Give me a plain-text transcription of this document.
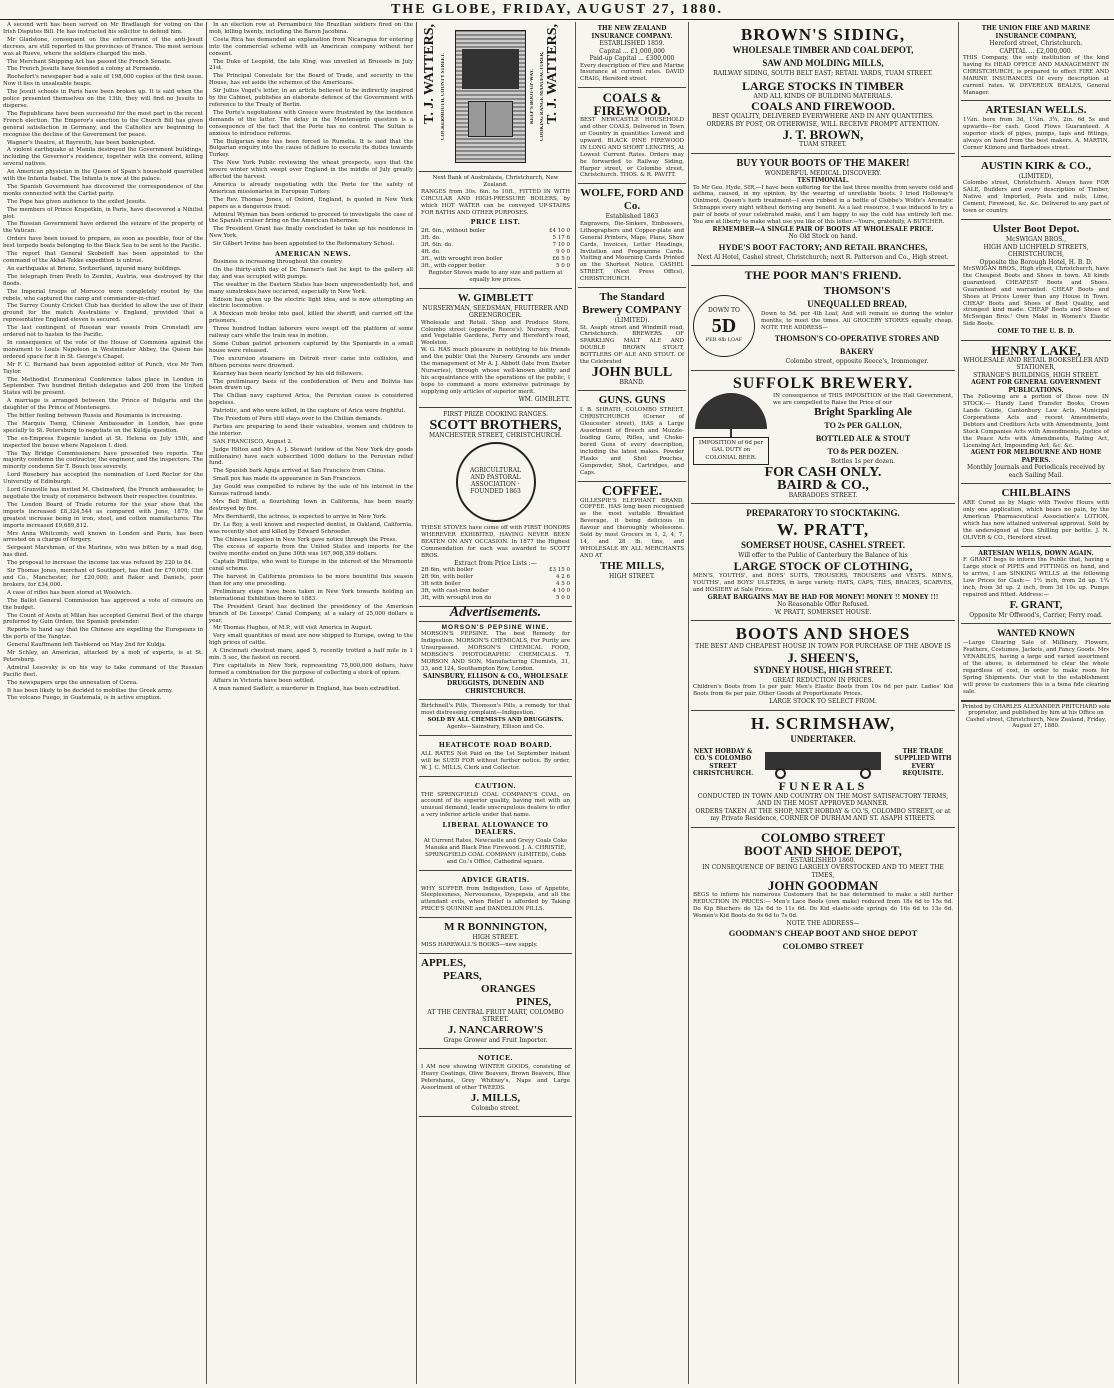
THE GLOBE, FRIDAY, AUGUST 27, 1880.

A second writ has been served on Mr Bradlaugh for voting on the Irish Disputes Bill. He has instructed his solicitor to defend him.

Mr Gladstone, consequent on the enforcement of the anti-Jesuit decrees, are still reported in the provinces of France. The most serious was at Rueve, where the soldiers charged the mob.

The Merchant Shipping Act has passed the French Senate.

The French Jesuits have founded a colony at Fernando.

Rochefort's newspaper had a sale of 198,000 copies of the first issue. Now it lies in unsaleable heaps.

The Jesuit schools in Paris have been broken up. It is said when the police presented themselves on the 13th, they will find no Jesuits to disperse.

The Republicans have been successful for the most part in the recent French election. The Emperor's sanction to the Church Bill has given general satisfaction in Germany, and the Catholics are beginning to recognise the decline of the Government for peace.

Wagner's theatre, at Bayreuth, has been bankrupted.

A violent earthquake at Manila destroyed the Government buildings, including the Governor's residence, together with the convent, killing several natives.

An American physician in the Queen of Spain's household quarrelled with the Infanta Isabel. The Infanta is now at the palace.

The Spanish Government has discovered the correspondence of the monks connected with the Carlist party.

The Pope has given audience to the exiled Jesuits.

The members of Prince Krapotkin, in Paris, have discovered a Nihilist plot.

The Russian Government have ordered the seizure of the property of the Vatican.

Orders have been issued to prepare, as soon as possible, four of the best torpedo boats belonging to the Black Sea to be sent to the Pacific.

The report that General Skobeleff has been appointed to the command of the Akhal-Tekke expedition is untrue.

An earthquake at Brienz, Switzerland, injured many buildings.

The telegraph from Pesth to Zemlin, Austria, was destroyed by the floods.

The Imperial troops of Morocco were completely routed by the rebels, who captured the camp and commander-in-chief.

The Surrey County Cricket Club has decided to allow the use of their ground for the match Australians v England, provided that a representative England eleven is secured.

The last contingent of Russian war vessels from Cronstadt are ordered not to hasten to the Pacific.

In consequence of the vote of the House of Commons against the monument to Louis Napoleon in Westminster Abbey, the Queen has ordered space for it in St. George's Chapel.

Mr F. C. Burnand has been appointed editor of Punch, vice Mr Tom Taylor.

The Methodist Ecumenical Conference takes place in London in September. Two hundred British delegates and 200 from the United States will be present.

A marriage is arranged between the Prince of Bulgaria and the daughter of the Prince of Montenegro.

The bitter feeling between Russia and Roumania is increasing.

The Marquis Tseng, Chinese Ambassador in London, has gone specially to St. Petersburg to negotiate on the Kuldja question.

The ex-Empress Eugenie landed at St. Helena on July 15th, and inspected the house where Napoleon I. died.

The Tay Bridge Commissioners have presented two reports. The majority condemn the contractor, the engineer, and the inspectors. The minority condemn Sir T. Bouch less severely.

Lord Rosebery has accepted the nomination of Lord Rector for the University of Edinburgh.

Lord Granville has invited M. Chelmsford, the French ambassador, to negotiate the treaty of commerce between their respective countries.

The London Board of Trade returns for the year show that the imports increased £8,324,544 as compared with June, 1879, the greatest increase being in iron, steel, and cotton manufactures. The imports increased £9,689,812.

Mrs Anna Whitcomb, well known in London and Paris, has been arrested on a charge of forgery.

Sergeant Marshman, of the Marines, who was bitten by a mad dog, has died.

The proposal to increase the income tax was refused by 220 to 84.

Sir Thomas Jones, merchant of Southport, has filed for £70,000; Cliff and Co., Manchester, for £20,000; and Baker and Daniels, poor brokers, for £34,000.

A case of rifles has been stored at Woolwich.

The Ballot General Commission has approved a vote of censure on the budget.

The Count of Aosta at Milan has accepted General Best of the charge preferred by Guin Orden, the Spanish pretender.

Reports to hand say that the Chinese are expelling the Europeans in the ports of the Yangtze.

General Kauffmann left Tashkend on May 2nd for Kuldja.

Mr Schley, an American, attacked by a mob of experts, is at St. Petersburg.

Admiral Lesovsky is on his way to take command of the Russian Pacific fleet.

The newspapers urge the annexation of Corea.

It has been likely to be decided to mobilise the Greek army.

The volcano Fuego, in Guatemala, is in active eruption.

In an election row at Pernambuco the Brazilian soldiers fired on the mob, killing twenty, including the Baron Jacobina.

Costa Rica has demanded an explanation from Nicaragua for entering into the commercial scheme with an American company without her consent.

The Duke of Leopold, the late King, was unveiled at Brussels in July 21st.

The Principal Consulate for the Board of Trade, and security in the House, has set aside the schemes of the Americans.

Sir Julius Vogel's letter, in an article believed to be indirectly inspired by the Cabinet, publishes an elaborate defence of the Government with reference to the Treaty of Berlin.

The Porte's negotiations with Greece were frustrated by the incidence demands of the latter. The delay in the Montenegrin question is a consequence of the fact that the Porte has no control. The Sultan is anxious to introduce reforms.

The Bulgarian note has been forced to Rumelia. It is said that the Bulgarian enquiry into the cause of failure to execute its duties towards Turkey.

The New York Public reviewing the wheat prospects, says that the severe winter which swept over England in the middle of July greatly affected the harvest.

America is already negotiating with the Porte for the safety of American missionaries in European Turkey.

The Rev. Thomas Jones, of Oxford, England, is quoted in New York papers as a dangerous fraud.

Admiral Wyman has been ordered to proceed to investigate the case of the Spanish cruiser firing on the American fishermen.

The President Grant has finally concluded to take up his residence in New York.

Sir Gilbert Irvine has been appointed to the Reformatory School.

AMERICAN NEWS.

Business is increasing throughout the country.

On the thirty-sixth day of Dr. Tanner's fast he kept to the gallery all day, and was occupied with pumps.

The weather in the Eastern States has been unprecedentedly hot, and many sunstrokes have occurred, especially in New York.

Edison has given up the electric light idea, and is now attempting an electric locomotive.

A Mexican mob broke into gaol, killed the sheriff, and carried off the prisoners.

Three hundred Indian laborers were swept off the platform of some railway cars while the train was in motion.

Some Cuban patriot prisoners captured by the Spaniards in a small house were released.

Two excursion steamers on Detroit river came into collision, and fifteen persons were drowned.

Kearney has been nearly lynched by his old followers.

The preliminary basis of the confederation of Peru and Bolivia has been drawn up.

The Chilian navy captured Arica, the Peruvian cause is considered hopeless.

Patriotic, and who were killed, in the capture of Arica were frightful.

The Freedom of Peru still stays over to the Chilian demands.

Parties are preparing to send their valuables, women and children to the interior.

SAN FRANCISCO, August 2.

Judge Hilton and Mrs A. J. Stewart (widow of the New York dry goods millionaire) have each subscribed 1000 dollars to the Peruvian relief fund.

The Spanish bark Aguja arrived at San Francisco from China.

Small pox has made its appearance in San Francisco.

Jay Gould was compelled to relieve by the sale of his interest in the Kansas railroad lands.

Mrs Bell Bluff, a flourishing town in California, has been nearly destroyed by fire.

Mrs Bernhardt, the actress, is expected to arrive in New York.

Dr. Le Roy, a well known and respected dentist, in Oakland, California, was recently shot and killed by Edward Schroeder.

The Chinese Legation in New York gave notice through the Press.

The excess of exports from the United States and imports for the twelve months ended on June 30th was 167,908,359 dollars.

Captain Phillips, who went to Europe in the interest of the Miramonte canal scheme.

The harvest in California promises to be more bountiful this season than for any one preceding.

Preliminary steps have been taken in New York towards holding an International Exhibition there in 1883.

The President Grant has declined the presidency of the American branch of De Lesseps' Canal Company, at a salary of 25,000 dollars a year.

Mr Thomas Hughes, of M.P., will visit America in August.

Very small quantities of meat are now shipped to Europe, owing to the high prices of cattle.

A Cincinnati chestnut mare, aged 5, recently trotted a half mile in 1 min. 5 sec, the fastest on record.

Fire capitalists in New York, representing 75,000,000 dollars, have formed a combination for the purpose of collecting a stock of opium.

Affairs in Victoria have been settled.

A man named Sadleir, a murderer in England, has been extradited.

T. J. WATTERS, COCKERMOUTH, COUNTY STREET.	KEEP'S BOOT-UP-WAY.	COOKING RANGE MANUFACTURER, T. J. WATTERS,
Next Bank of Australasia, Christchurch, New Zealand.
RANGES from 30s. 6in. to 10ft., FITTED IN WITH CIRCULAR AND HIGH-PRESSURE BOILERS, by which HOT WATER can be conveyed UP-STAIRS FOR BATHS AND OTHER PURPOSES.
PRICE LIST.
2ft. 6in., without boiler	£4 10 0
3ft. do.	5 17 6
3ft. 6in. do.	7 10 0
4ft. do.	9 0 0
3ft., with wrought iron boiler	£6 5 0
3ft., with copper boiler	5 0 0
Register Stoves made to any size and pattern at equally low prices.
W. GIMBLETT
NURSERYMAN, SEEDSMAN, FRUITERER AND GREENGROCER.
Wholesale and Retail. Shop and Produce Store, Colombo street (opposite Reece's). Nursery, Fruit, and Vegetable Gardens, Ferry and Hereford's road, Woolston.
W. G. HAS much pleasure in notifying to his friends and the public that the Nursery Grounds are under the management of Mr A. J. Abbott (late from Exeter Nurseries), through whose well-known ability and his acquaintance with the operations of the public, I hope to command a more extensive patronage by supplying only articles of superior merit.
WM. GIMBLETT.
FIRST PRIZE COOKING RANGES.
SCOTT BROTHERS,
MANCHESTER STREET, CHRISTCHURCH.
AGRICULTURAL AND PASTORAL ASSOCIATION · FOUNDED 1863
THESE STOVES have come off with FIRST HONORS WHEREVER EXHIBITED, HAVING NEVER BEEN BEATEN ON ANY OCCASION. In 1877 the Highest Commendation for each was awarded to SCOTT BROS.
Extract from Price Lists :—
2ft 6in, with boiler	£3 15 0
2ft 9in, with boiler	4 2 6
3ft with boiler	4 5 0
3ft, with cast-iron boiler	4 10 0
3ft, with wrought iron do	5 0 0
Advertisements.
MORSON'S PEPSINE WINE.
MORSON'S PEPSINE. The best Remedy for Indigestion. MORSON'S CHEMICALS, For Purity are Unsurpassed. MORSON'S CHEMICAL FOOD, MORSON'S PHOTOGRAPHIC CHEMICALS. T. MORSON AND SON, Manufacturing Chemists, 31, 33, and 124, Southampton Row, London.
SAINSBURY, ELLISON & CO., WHOLESALE DRUGGISTS, DUNEDIN AND CHRISTCHURCH.
Birtchnell's Pills, Thomson's Pills, a remedy for that most distressing complaint—Indigestion.
SOLD BY ALL CHEMISTS AND DRUGGISTS.
Agents—Sainsbury, Ellison and Co.
HEATHCOTE ROAD BOARD.
ALL RATES Not Paid on the 1st September instant will be SUED FOR without further notice. By order, W. J. C. MILLS, Clerk and Collector.
CAUTION.
THE SPRINGFIELD COAL COMPANY'S COAL, on account of its superior quality, having met with an unusual demand, leads unscrupulous dealers to offer a very inferior article under that name.
LIBERAL ALLOWANCE TO DEALERS.
At Current Rates, Newcastle and Greyy Coals Coke Manuka and Black Pine Firewood. J. A. CHRISTIE, SPRINGFIELD COAL COMPANY (LIMITED), Cobb and Co.'s Office, Cathedral square.
ADVICE GRATIS.
WHY SUFFER from Indigestion, Loss of Appetite, Sleeplessness, Nervousness, Dyspepsia, and all the attendant evils, when Relief is afforded by Taking PRICE'S QUININE and DANDELION PILLS.
M R BONNINGTON,
HIGH STREET.
MISS HAREWALL'S BOOKS—new supply.
APPLES,
PEARS,
ORANGES
PINES,
AT THE CENTRAL FRUIT MART, COLOMBO STREET.
J. NANCARROW'S
Grape Grower and Fruit Importer.
NOTICE.
I AM now showing WINTER GOODS, consisting of Heavy Coatings, Olive Beavers, Brown Beavers, Blue Petershams, Grey Whitney's, Naps and Large Assortment of other TWEEDS.
J. MILLS,
Colombo street.
THE NEW ZEALAND INSURANCE COMPANY.
ESTABLISHED 1859.
Capital ... £1,000,000
Paid-up Capital ... £300,000
Every description of Fire and Marine Insurance at current rates. DAVID CRAIG, Hereford street.
COALS & FIREWOOD.
BEST NEWCASTLE HOUSEHOLD and other COALS, Delivered in Town or Country in quantities Lowest and upward. BLACK PINE FIREWOOD IN LONG AND SHORT LENGTHS, At Lowest Current Rates. Orders may be forwarded to Railway Siding, Harper street, or Colombo street, Christchurch. THOS. & R. PAVITT.
WOLFE, FORD AND Co.
Established 1863
Engravers, Die-Sinkers, Embossers, Lithographers and Copper-plate and General Printers, Maps, Plans, Show Cards, Invoices, Letter Headings, Invitation and Programme Cards. Visiting and Mourning Cards Printed on the Shortest Notice. CASHEL STREET, (Next Press Office), CHRISTCHURCH.
The Standard Brewery COMPANY
(LIMITED).
St. Asaph street and Windmill road, Christchurch. BREWERS OF SPARKLING MALT ALE AND DOUBLE BROWN STOUT, BOTTLERS OF ALE AND STOUT. Of the Celebrated
JOHN BULL
BRAND.
GUNS. GUNS
I. B. SHRATH, COLOMBO STREET, CHRISTCHURCH (Corner of Gloucester street), HAS a Large Assortment of Breech and Muzzle-loading Guns, Rifles, and Choke-bored Guns of every description, including the latest makes. Powder Flasks and Shot Pouches, Gunpowder, Shot, Cartridges, and Caps.
COFFEE.
GILLESPIE'S ELEPHANT BRAND. COFFEE. HAS long been recognised as the most suitable Breakfast Beverage, it being delicious in flavour and thoroughly wholesome. Sold by most Grocers in 1, 2, 4, 7, 14, and 28 lb. tins, and WHOLESALE BY ALL MERCHANTS AND AT
THE MILLS,
HIGH STREET.
BROWN'S SIDING,
WHOLESALE TIMBER AND COAL DEPOT,
SAW AND MOLDING MILLS,
RAILWAY SIDING, SOUTH BELT EAST; RETAIL YARDS, TUAM STREET.
LARGE STOCKS IN TIMBER
AND ALL KINDS OF BUILDING MATERIALS.
COALS AND FIREWOOD.
BEST QUALITY, DELIVERED EVERYWHERE AND IN ANY QUANTITIES.
ORDERS BY POST, OR OTHERWISE, WILL RECEIVE PROMPT ATTENTION.
J. T. BROWN,
TUAM STREET.
BUY YOUR BOOTS OF THE MAKER!
WONDERFUL MEDICAL DISCOVERY.
TESTIMONIAL.
To Mr Geo. Hyde, SIR,—I have been suffering for the last three months from severe cold and asthma, caused, in my opinion, by the wearing of unreliable boots. I tried Holloway's Ointment, Queen's herb treatment—I even rubbed in a bottle of Clobbe's Wolfe's Aromatic Schnapps every night without deriving any benefit. As a last resource, I was induced to try a pair of boots of your celebrated make, and I am happy to say the cold has entirely left me. You are at liberty to make what use you like of this letter.—Yours, gratefully, A BUTCHER.
REMEMBER—A SINGLE PAIR OF BOOTS AT WHOLESALE PRICE.
No Old Stock on hand.
HYDE'S BOOT FACTORY; AND RETAIL BRANCHES,
Next Al Hotel, Cashel street, Christchurch; next R. Patterson and Co., High street.
THE POOR MAN'S FRIEND.
DOWN TO
5D
PER 4lb LOAF
THOMSON'S
UNEQUALLED BREAD,
Down to 5d. per 4lb Loaf, And will remain so during the winter months, to meet the times. All GROCERY STORES equally cheap. NOTE THE ADDRESS—
THOMSON'S CO-OPERATIVE STORES AND BAKERY
Colombo street, opposite Reece's, Ironmonger.
SUFFOLK BREWERY.
IMPOSITION of 6d per GAL DUTY on COLONIAL BEER.
IN consequence of THIS IMPOSITION of the Hall Government, we are compelled to Raise the Price of our
Bright Sparkling Ale
TO 2s PER GALLON,
BOTTLED ALE & STOUT
TO 8s PER DOZEN.
Bottles 1s per dozen.
FOR CASH ONLY.
BAIRD & CO.,
BARBADOES STREET.
PREPARATORY TO STOCKTAKING.
W. PRATT,
SOMERSET HOUSE, CASHEL STREET.
Will offer to the Public of Canterbury the Balance of his
LARGE STOCK OF CLOTHING,
MEN'S, YOUTHS', and BOYS' SUITS, TROUSERS, TROUSERS and VESTS. MEN'S, YOUTHS', and BOYS' ULSTERS, in large variety. HATS, CAPS, TIES, BRACES, SCARVES, and HOSIERY at Sale Prices.
GREAT BARGAINS MAY BE HAD FOR MONEY! MONEY !! MONEY !!!
No Reasonable Offer Refused.
W. PRATT, SOMERSET HOUSE.
BOOTS AND SHOES
THE BEST AND CHEAPEST HOUSE IN TOWN FOR PURCHASE OF THE ABOVE IS
J. SHEEN'S,
SYDNEY HOUSE, HIGH STREET.
GREAT REDUCTION IN PRICES.
Children's Boots from 1s per pair. Men's Elastic Boots from 10s 6d per pair. Ladies' Kid Boots from 6s per pair. Other Goods at Proportionate Prices.
LARGE STOCK TO SELECT FROM.
H. SCRIMSHAW,
UNDERTAKER.
NEXT HOBDAY & CO.'S COLOMBO STREET CHRISTCHURCH.
THE TRADE SUPPLIED WITH EVERY REQUISITE.
FUNERALS
CONDUCTED IN TOWN AND COUNTRY ON THE MOST SATISFACTORY TERMS, AND IN THE MOST APPROVED MANNER.
ORDERS TAKEN AT THE SHOP, NEXT HOBDAY & CO.'S, COLOMBO STREET, or at my Private Residence, CORNER OF DURHAM AND ST. ASAPH STREETS.
COLOMBO STREET
BOOT AND SHOE DEPOT,
ESTABLISHED 1860.
IN CONSEQUENCE OF BEING LARGELY OVERSTOCKED AND TO MEET THE TIMES,
JOHN GOODMAN
BEGS to inform his numerous Customers that he has determined to make a still further REDUCTION IN PRICES:— Men's Lace Boots (own make) reduced from 18s 6d to 15s 6d. Do Kip Bluchers do 12s 6d to 11s 6d. Do Kid elastic-side springs do 16s 6d to 13s 6d. Women's Kid Boots do 9s 6d to 7s 6d.
NOTE THE ADDRESS—
GOODMAN'S CHEAP BOOT AND SHOE DEPOT
COLOMBO STREET
THE UNION FIRE AND MARINE INSURANCE COMPANY,
Hereford street, Christchurch.
CAPITAL ... £2,000,000.
THIS Company, the only institution of the kind having its HEAD OFFICE AND MANAGEMENT IN CHRISTCHURCH, is prepared to effect FIRE AND MARINE INSURANCES Of every description at current rates. W. DEVEREUX BEALES, General Manager.
ARTESIAN WELLS.
1¼in. bore from 3d, 1¼in. 3¾, 2in. 6d 5s and upwards—for cash. Good Flows Guaranteed. A superior stock of pipes, pumps, taps and fittings, always on hand from the best makers. A. MARTIN, Corner Kilmore and Barbadoes street.
AUSTIN KIRK & CO.,
(LIMITED),
Colombo street, Christchurch. Always have FOR SALE, Builders and every description of Timber, Native and Imported, Posts and rails, Lime, Cement, Firewood, &c. &c. Delivered to any part of town or country.
Ulster Boot Depot.
McSWIGAN BROS.,
HIGH AND LICHFIELD STREETS, CHRISTCHURCH,
Opposite the Borough Hotel, H. B. D.
McSWIGAN BROS., High street, Christchurch, have the Cheapest Boots and Shoes in town. All kinds guaranteed. CHEAPEST Boots and Shoes. Guaranteed and warranted. CHEAP Boots and Shoes at Prices Lower than any House in Town. CHEAP Boots and Shoes of Best Quality, and strongest kind made. CHEAP Boots and Shoes of McSwigan Bros.' Own Make in Women's Elastic Side Boots.
COME TO THE U. B. D.
HENRY LAKE,
WHOLESALE AND RETAIL BOOKSELLER AND STATIONER,
STRANGE'S BUILDINGS, HIGH STREET.
AGENT FOR GENERAL GOVERNMENT PUBLICATIONS.
The Following are a portion of those now IN STOCK:— Handy Land Transfer Books, Crown Lands Guide, Cantonbury Law Acts, Municipal Corporations Acts and recent Amendments, Debtors and Creditors Acts with Amendments, Joint Stock Companies Acts with Amendments, Justice of the Peace Acts with Amendments, Rating Act, Licensing Act, Impounding Act, &c. &c.
AGENT FOR MELBOURNE AND HOME PAPERS.
Monthly Journals and Periodicals received by each Sailing Mail.
CHILBLAINS
ARE Cured as by Magic with Twelve Hours with only one application, which bears no pain, by the American Pharmaceutical Association's LOTION, which has now attained universal approval. Sold by the undersigned at One Shilling per bottle. J. N. OLIVER & CO., Hereford street.
ARTESIAN WELLS, DOWN AGAIN.
F. GRANT begs to inform the Public that, having a Large stock of PIPES and FITTINGS on hand, and to arrive, I am SINKING WELLS at the following Low Prices for Cash:— 1½ inch, from 2d up. 1¾ inch, from 3d up. 2 inch, from 3d 10s up. Pumps repaired and fitted. Address:—
F. GRANT,
Opposite Mr Offwood's, Carrier, Ferry road.
WANTED KNOWN
—Large Clearing Sale of Millinery, Flowers, Feathers, Costumes, Jackets, and Fancy Goods. Mrs VENABLES, having a large and varied assortment of the above, is determined to clear the whole regardless of cost, in order to make room for Spring Shipments. Our visit to the establishment will prove to customers this is a bona fide clearing sale.
Printed by CHARLES ALEXANDER PRITCHARD sole proprietor, and published by him at his Office on Cashel street, Christchurch, New Zealand, Friday, August 27, 1880.
